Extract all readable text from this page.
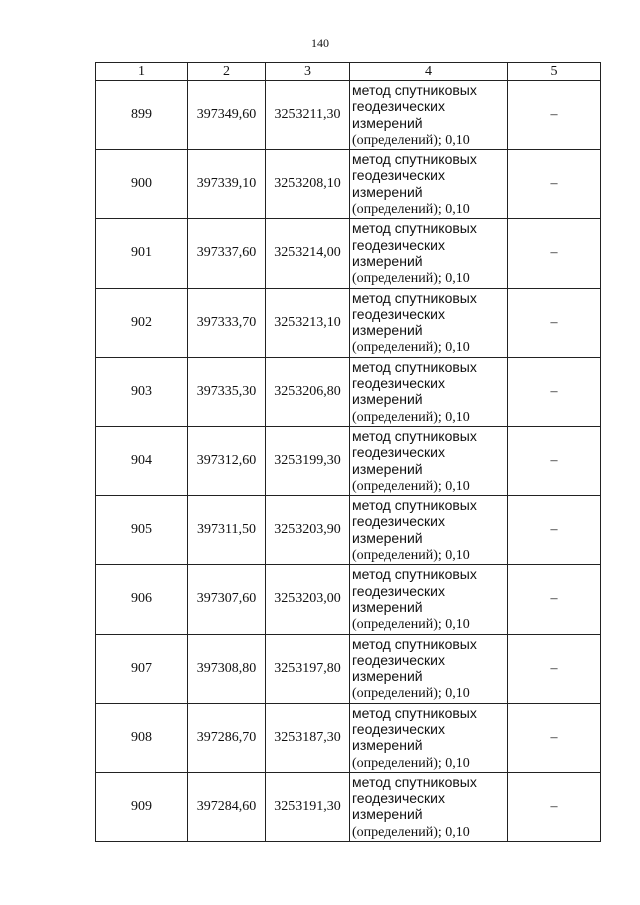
140
1	2	3	4	5
899	397349,60	3253211,30	метод спутниковых
геодезических
измерений
(определений); 0,10	–
900	397339,10	3253208,10	метод спутниковых
геодезических
измерений
(определений); 0,10	–
901	397337,60	3253214,00	метод спутниковых
геодезических
измерений
(определений); 0,10	–
902	397333,70	3253213,10	метод спутниковых
геодезических
измерений
(определений); 0,10	–
903	397335,30	3253206,80	метод спутниковых
геодезических
измерений
(определений); 0,10	–
904	397312,60	3253199,30	метод спутниковых
геодезических
измерений
(определений); 0,10	–
905	397311,50	3253203,90	метод спутниковых
геодезических
измерений
(определений); 0,10	–
906	397307,60	3253203,00	метод спутниковых
геодезических
измерений
(определений); 0,10	–
907	397308,80	3253197,80	метод спутниковых
геодезических
измерений
(определений); 0,10	–
908	397286,70	3253187,30	метод спутниковых
геодезических
измерений
(определений); 0,10	–
909	397284,60	3253191,30	метод спутниковых
геодезических
измерений
(определений); 0,10	–
